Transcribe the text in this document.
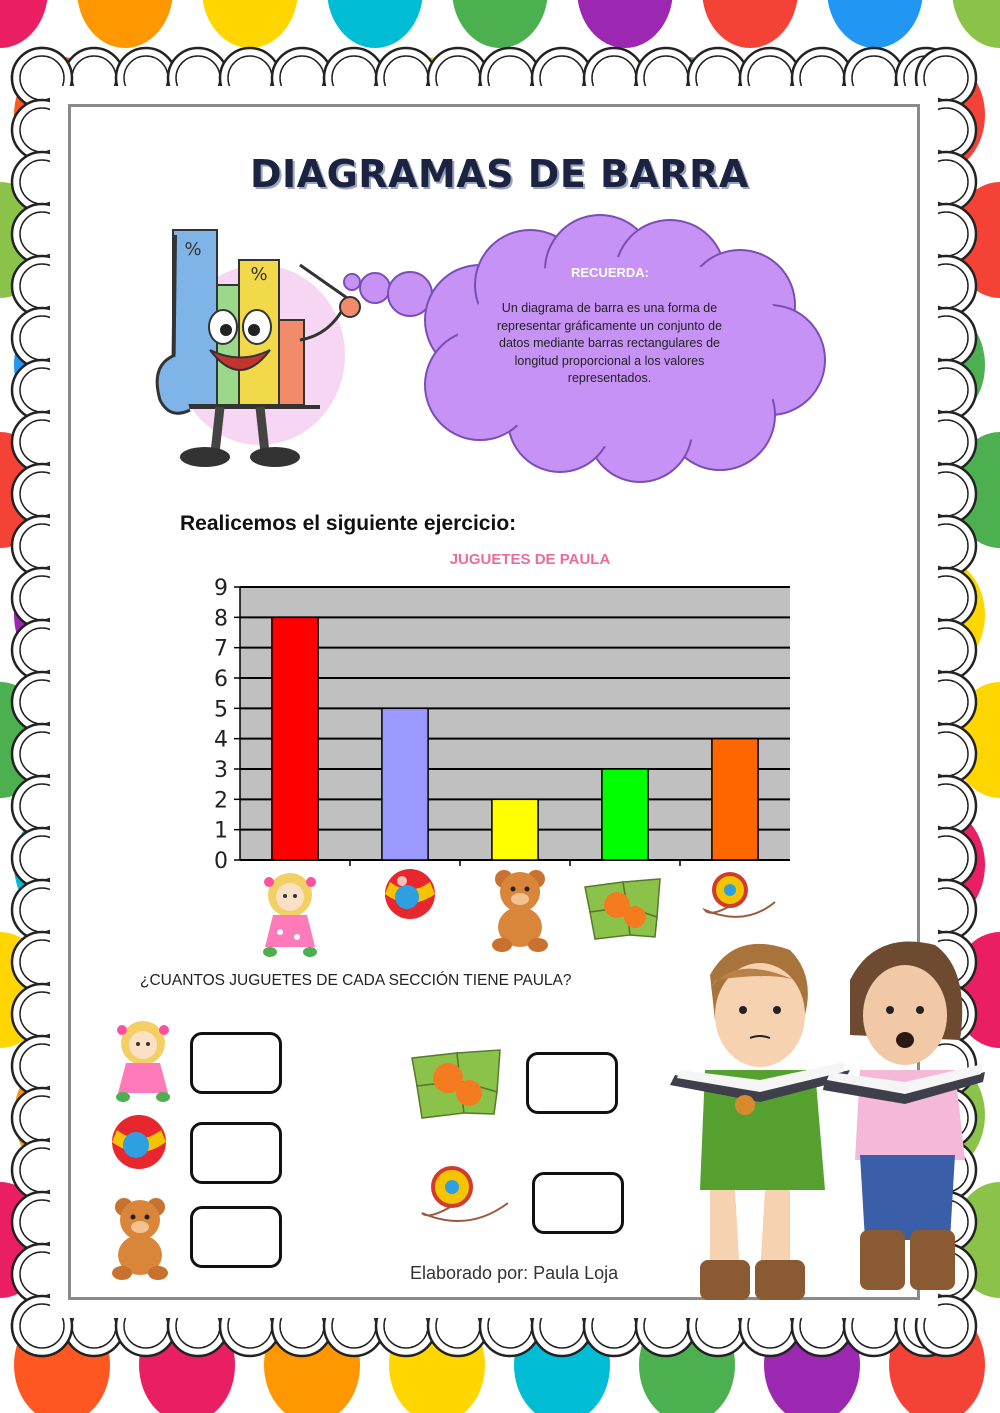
DIAGRAMAS DE BARRA
%
%	RECUERDA:
Un diagrama de barra es una forma de representar gráficamente un conjunto de datos mediante barras rectangulares de longitud proporcional a los valores representados.
Realicemos el siguiente ejercicio:
JUGUETES DE PAULA
0
1
2
3
4
5
6
7
8
9
¿CUANTOS JUGUETES DE CADA SECCIÓN TIENE PAULA?
Elaborado por: Paula Loja
